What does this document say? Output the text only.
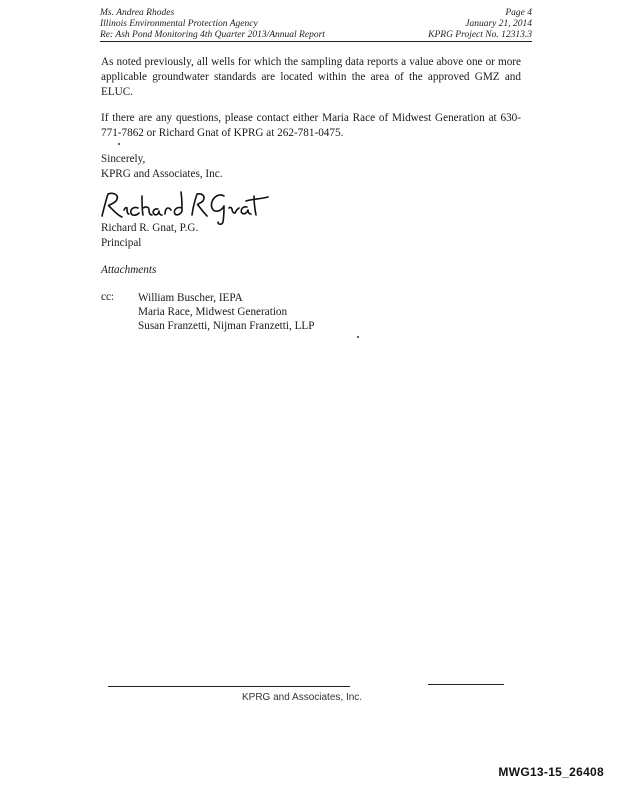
Ms. Andrea Rhodes	Page 4
Illinois Environmental Protection Agency	January 21, 2014
Re: Ash Pond Monitoring 4th Quarter 2013/Annual Report	KPRG Project No. 12313.3
As noted previously, all wells for which the sampling data reports a value above one or more applicable groundwater standards are located within the area of the approved GMZ and ELUC.
If there are any questions, please contact either Maria Race of Midwest Generation at 630-771-7862 or Richard Gnat of KPRG at 262-781-0475.
Sincerely,
KPRG and Associates, Inc.
Richard R. Gnat, P.G.
Principal
Attachments
cc: William Buscher, IEPA
Maria Race, Midwest Generation
Susan Franzetti, Nijman Franzetti, LLP
KPRG and Associates, Inc.
MWG13-15_26408
